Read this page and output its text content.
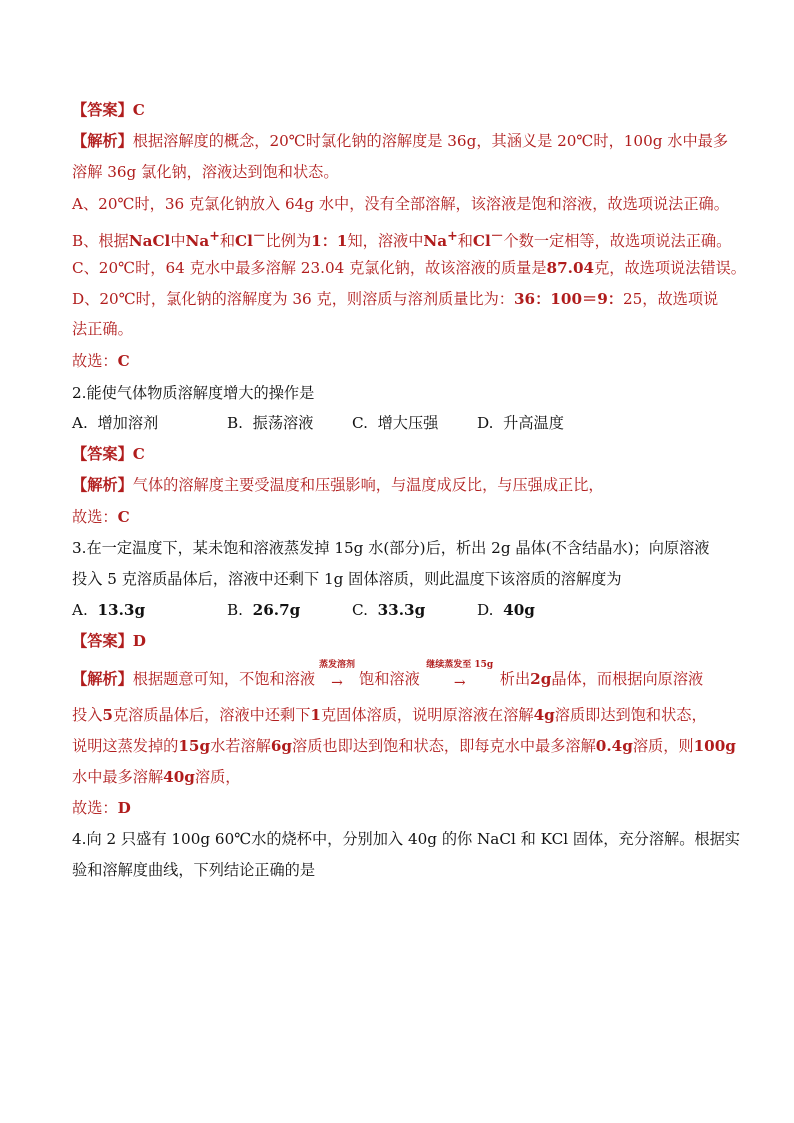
【答案】C
【解析】根据溶解度的概念，20℃时氯化钠的溶解度是 36g，其涵义是 20℃时，100g 水中最多
溶解 36g 氯化钠，溶液达到饱和状态。
A、20℃时，36 克氯化钠放入 64g 水中，没有全部溶解，该溶液是饱和溶液，故选项说法正确。
B、根据NaCl中Na+和Cl－比例为1：1知，溶液中Na+和Cl－个数一定相等，故选项说法正确。
C、20℃时，64 克水中最多溶解 23.04 克氯化钠，故该溶液的质量是87.04克，故选项说法错误。
D、20℃时，氯化钠的溶解度为 36 克，则溶质与溶剂质量比为：36：100＝9：25，故选项说
法正确。
故选：C
2.能使气体物质溶解度增大的操作是
A. 增加溶剂	B. 振荡溶液	C. 增大压强	D. 升高温度
【答案】C
【解析】气体的溶解度主要受温度和压强影响，与温度成反比，与压强成正比，
故选：C
3.在一定温度下，某未饱和溶液蒸发掉 15g 水(部分)后，析出 2g 晶体(不含结晶水)；向原溶液
投入 5 克溶质晶体后，溶液中还剩下 1g 固体溶质，则此温度下该溶质的溶解度为
A. 13.3g	B. 26.7g	C. 33.3g	D. 40g
【答案】D
【解析】根据题意可知，不饱和溶液
蒸发溶剂
→ 饱和溶液
继续蒸发至 15g
→ 析出2g晶体，而根据向原溶液
投入5克溶质晶体后，溶液中还剩下1克固体溶质，说明原溶液在溶解4g溶质即达到饱和状态，
说明这蒸发掉的15g水若溶解6g溶质也即达到饱和状态，即每克水中最多溶解0.4g溶质，则100g
水中最多溶解40g溶质，
故选：D
4.向 2 只盛有 100g 60℃水的烧杯中，分别加入 40g 的你 NaCl 和 KCl 固体，充分溶解。根据实
验和溶解度曲线，下列结论正确的是
